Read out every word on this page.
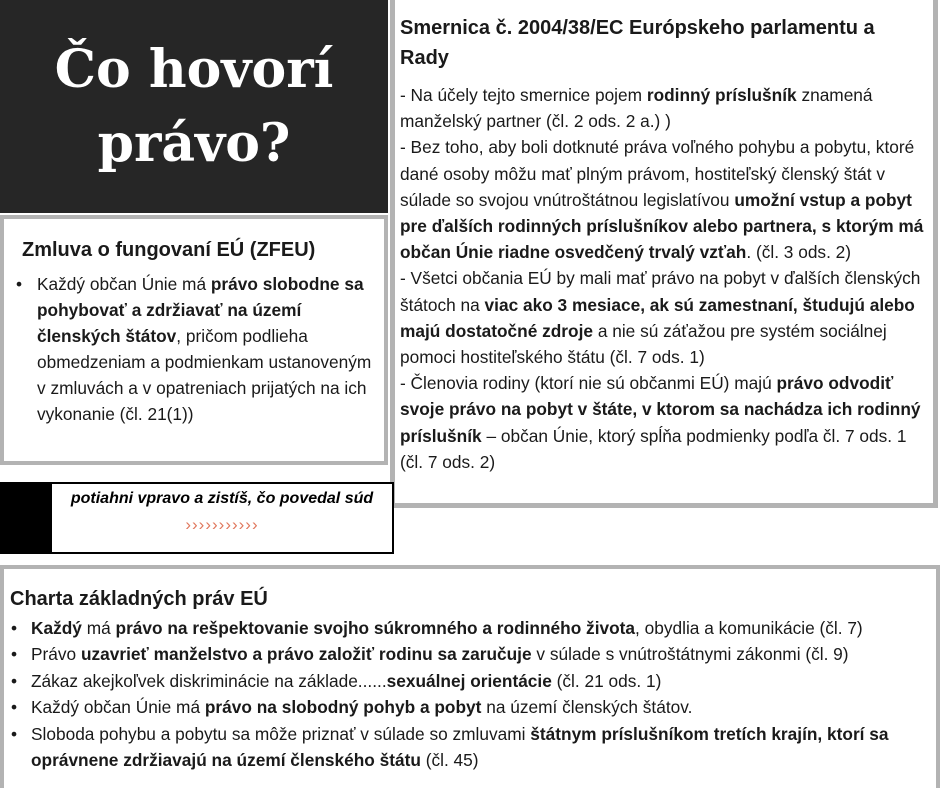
Čo hovorí
právo?
Smernica č. 2004/38/EC Európskeho parlamentu a Rady

- Na účely tejto smernice pojem rodinný príslušník znamená manželský partner (čl. 2 ods. 2 a.) )

- Bez toho, aby boli dotknuté práva voľného pohybu a pobytu, ktoré dané osoby môžu mať plným právom, hostiteľský členský štát v súlade so svojou vnútroštátnou legislatívou umožní vstup a pobyt pre ďalších rodinných príslušníkov alebo partnera, s ktorým má občan Únie riadne osvedčený trvalý vzťah. (čl. 3 ods. 2)

- Všetci občania EÚ by mali mať právo na pobyt v ďalších členských štátoch na viac ako 3 mesiace, ak sú zamestnaní, študujú alebo majú dostatočné zdroje a nie sú záťažou pre systém sociálnej pomoci hostiteľského štátu (čl. 7 ods. 1)

- Členovia rodiny (ktorí nie sú občanmi EÚ) majú právo odvodiť svoje právo na pobyt v štáte, v ktorom sa nachádza ich rodinný príslušník – občan Únie, ktorý spĺňa podmienky podľa čl. 7 ods. 1 (čl. 7 ods. 2)

Zmluva o fungovaní EÚ (ZFEU)
• Každý občan Únie má právo slobodne sa pohybovať a zdržiavať na území členských štátov, pričom podlieha obmedzeniam a podmienkam ustanoveným v zmluvách a v opatreniach prijatých na ich vykonanie (čl. 21(1))
potiahni vpravo a zistíš, čo povedal súd
›››››››››››
Charta základných práv EÚ
• Každý má právo na rešpektovanie svojho súkromného a rodinného života, obydlia a komunikácie (čl. 7)
• Právo uzavrieť manželstvo a právo založiť rodinu sa zaručuje v súlade s vnútroštátnymi zákonmi (čl. 9)
• Zákaz akejkoľvek diskriminácie na základe......sexuálnej orientácie (čl. 21 ods. 1)
• Každý občan Únie má právo na slobodný pohyb a pobyt na území členských štátov.
• Sloboda pohybu a pobytu sa môže priznať v súlade so zmluvami štátnym príslušníkom tretích krajín, ktorí sa oprávnene zdržiavajú na území členského štátu (čl. 45)
